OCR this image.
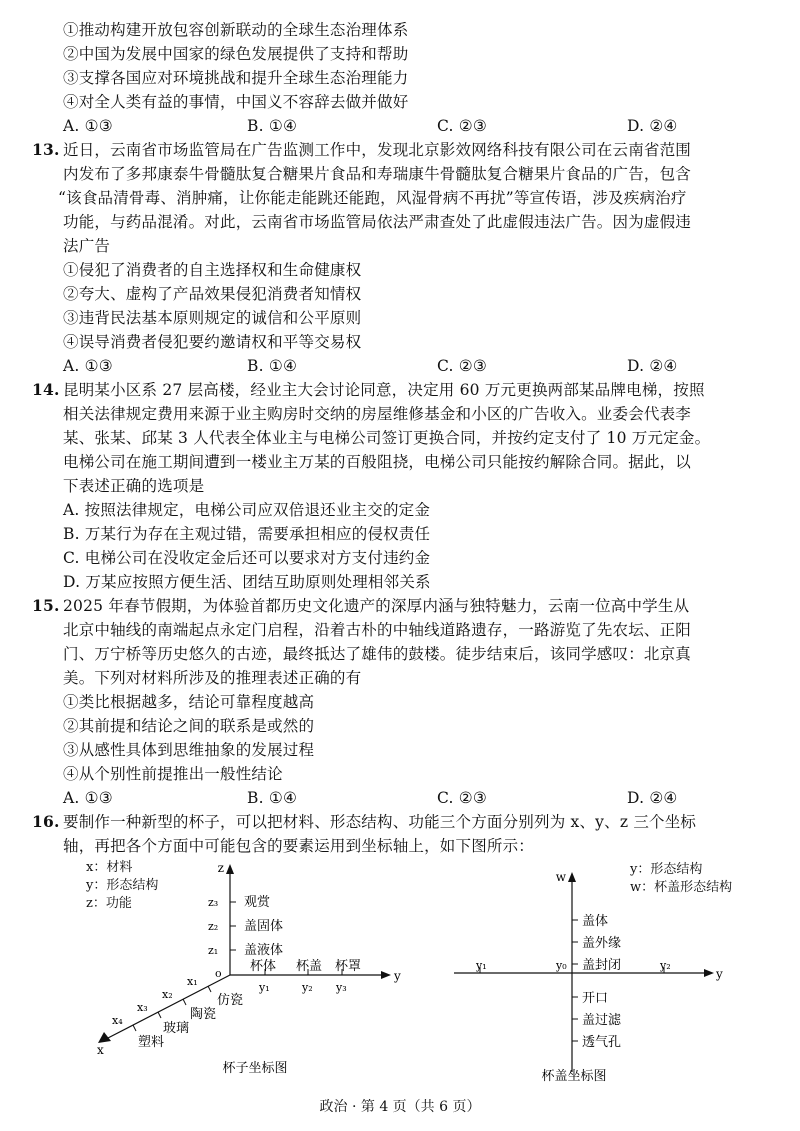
①推动构建开放包容创新联动的全球生态治理体系
②中国为发展中国家的绿色发展提供了支持和帮助
③支撑各国应对环境挑战和提升全球生态治理能力
④对全人类有益的事情，中国义不容辞去做并做好
A. ①③	B. ①④	C. ②③	D. ②④
13. 近日，云南省市场监管局在广告监测工作中，发现北京影效网络科技有限公司在云南省范围
内发布了多邦康泰牛骨髓肽复合糖果片食品和寿瑞康牛骨髓肽复合糖果片食品的广告，包含
“该食品清骨毒、消肿痛，让你能走能跳还能跑，风湿骨病不再扰”等宣传语，涉及疾病治疗
功能，与药品混淆。对此，云南省市场监管局依法严肃查处了此虚假违法广告。因为虚假违
法广告
①侵犯了消费者的自主选择权和生命健康权
②夸大、虚构了产品效果侵犯消费者知情权
③违背民法基本原则规定的诚信和公平原则
④误导消费者侵犯要约邀请权和平等交易权
A. ①③	B. ①④	C. ②③	D. ②④
14. 昆明某小区系 27 层高楼，经业主大会讨论同意，决定用 60 万元更换两部某品牌电梯，按照
相关法律规定费用来源于业主购房时交纳的房屋维修基金和小区的广告收入。业委会代表李
某、张某、邱某 3 人代表全体业主与电梯公司签订更换合同，并按约定支付了 10 万元定金。
电梯公司在施工期间遭到一楼业主万某的百般阻挠，电梯公司只能按约解除合同。据此，以
下表述正确的选项是
A. 按照法律规定，电梯公司应双倍退还业主交的定金
B. 万某行为存在主观过错，需要承担相应的侵权责任
C. 电梯公司在没收定金后还可以要求对方支付违约金
D. 万某应按照方便生活、团结互助原则处理相邻关系
15. 2025 年春节假期，为体验首都历史文化遗产的深厚内涵与独特魅力，云南一位高中学生从
北京中轴线的南端起点永定门启程，沿着古朴的中轴线道路遗存，一路游览了先农坛、正阳
门、万宁桥等历史悠久的古迹，最终抵达了雄伟的鼓楼。徒步结束后，该同学感叹：北京真
美。下列对材料所涉及的推理表述正确的有
①类比根据越多，结论可靠程度越高
②其前提和结论之间的联系是或然的
③从感性具体到思维抽象的发展过程
④从个别性前提推出一般性结论
A. ①③	B. ①④	C. ②③	D. ②④
16. 要制作一种新型的杯子，可以把材料、形态结构、功能三个方面分别列为 x、y、z 三个坐标
轴，再把各个方面中可能包含的要素运用到坐标轴上，如下图所示：
x：材料
y：形态结构
z：功能
y：形态结构
w：杯盖形态结构
z
y
x
o
z₁
z₂
z₃
盖液体
盖固体
观赏
y₁	y₂ y₃
杯体 杯盖 杯罩
x₁
x₂
x₃
x₄
仿瓷
陶瓷
玻璃
塑料
杯子坐标图
w
y
y₁	y₀	y₂
盖体
盖外缘
盖封闭
开口
盖过滤
透气孔
杯盖坐标图
政治 · 第 4 页（共 6 页）
